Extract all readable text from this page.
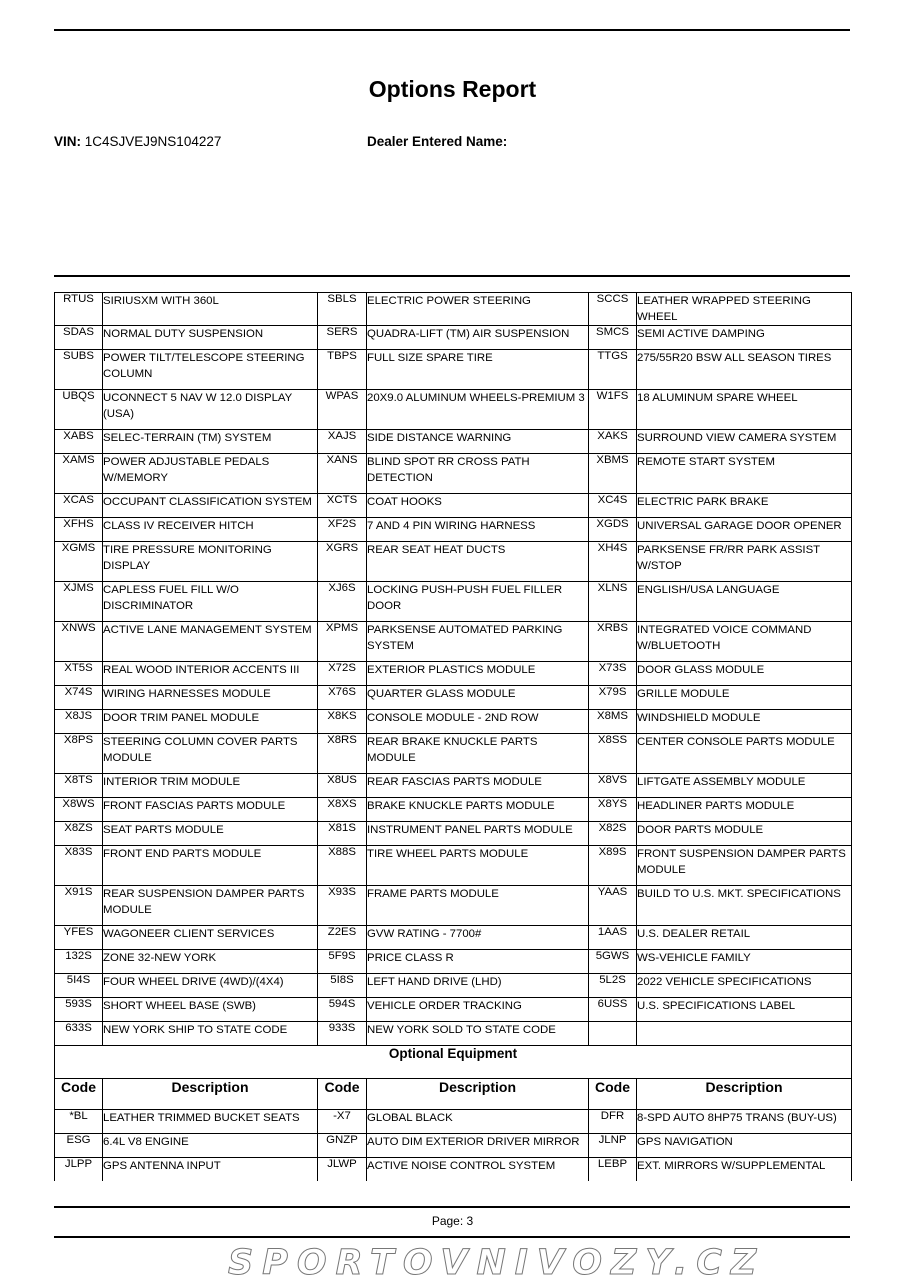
Options Report
VIN: 1C4SJVEJ9NS104227	Dealer Entered Name:
RTUS	SIRIUSXM WITH 360L	SBLS	ELECTRIC POWER STEERING	SCCS	LEATHER WRAPPED STEERING WHEEL
SDAS	NORMAL DUTY SUSPENSION	SERS	QUADRA-LIFT (TM) AIR SUSPENSION	SMCS	SEMI ACTIVE DAMPING
SUBS	POWER TILT/TELESCOPE STEERING COLUMN	TBPS	FULL SIZE SPARE TIRE	TTGS	275/55R20 BSW ALL SEASON TIRES
UBQS	UCONNECT 5 NAV W 12.0 DISPLAY (USA)	WPAS	20X9.0 ALUMINUM WHEELS-PREMIUM 3	W1FS	18 ALUMINUM SPARE WHEEL
XABS	SELEC-TERRAIN (TM) SYSTEM	XAJS	SIDE DISTANCE WARNING	XAKS	SURROUND VIEW CAMERA SYSTEM
XAMS	POWER ADJUSTABLE PEDALS W/MEMORY	XANS	BLIND SPOT RR CROSS PATH DETECTION	XBMS	REMOTE START SYSTEM
XCAS	OCCUPANT CLASSIFICATION SYSTEM	XCTS	COAT HOOKS	XC4S	ELECTRIC PARK BRAKE
XFHS	CLASS IV RECEIVER HITCH	XF2S	7 AND 4 PIN WIRING HARNESS	XGDS	UNIVERSAL GARAGE DOOR OPENER
XGMS	TIRE PRESSURE MONITORING DISPLAY	XGRS	REAR SEAT HEAT DUCTS	XH4S	PARKSENSE FR/RR PARK ASSIST W/STOP
XJMS	CAPLESS FUEL FILL W/O DISCRIMINATOR	XJ6S	LOCKING PUSH-PUSH FUEL FILLER DOOR	XLNS	ENGLISH/USA LANGUAGE
XNWS	ACTIVE LANE MANAGEMENT SYSTEM	XPMS	PARKSENSE AUTOMATED PARKING SYSTEM	XRBS	INTEGRATED VOICE COMMAND W/BLUETOOTH
XT5S	REAL WOOD INTERIOR ACCENTS III	X72S	EXTERIOR PLASTICS MODULE	X73S	DOOR GLASS MODULE
X74S	WIRING HARNESSES MODULE	X76S	QUARTER GLASS MODULE	X79S	GRILLE MODULE
X8JS	DOOR TRIM PANEL MODULE	X8KS	CONSOLE MODULE - 2ND ROW	X8MS	WINDSHIELD MODULE
X8PS	STEERING COLUMN COVER PARTS MODULE	X8RS	REAR BRAKE KNUCKLE PARTS MODULE	X8SS	CENTER CONSOLE PARTS MODULE
X8TS	INTERIOR TRIM MODULE	X8US	REAR FASCIAS PARTS MODULE	X8VS	LIFTGATE ASSEMBLY MODULE
X8WS	FRONT FASCIAS PARTS MODULE	X8XS	BRAKE KNUCKLE PARTS MODULE	X8YS	HEADLINER PARTS MODULE
X8ZS	SEAT PARTS MODULE	X81S	INSTRUMENT PANEL PARTS MODULE	X82S	DOOR PARTS MODULE
X83S	FRONT END PARTS MODULE	X88S	TIRE WHEEL PARTS MODULE	X89S	FRONT SUSPENSION DAMPER PARTS MODULE
X91S	REAR SUSPENSION DAMPER PARTS MODULE	X93S	FRAME PARTS MODULE	YAAS	BUILD TO U.S. MKT. SPECIFICATIONS
YFES	WAGONEER CLIENT SERVICES	Z2ES	GVW RATING - 7700#	1AAS	U.S. DEALER RETAIL
132S	ZONE 32-NEW YORK	5F9S	PRICE CLASS R	5GWS	WS-VEHICLE FAMILY
5I4S	FOUR WHEEL DRIVE (4WD)/(4X4)	5I8S	LEFT HAND DRIVE (LHD)	5L2S	2022 VEHICLE SPECIFICATIONS
593S	SHORT WHEEL BASE (SWB)	594S	VEHICLE ORDER TRACKING	6USS	U.S. SPECIFICATIONS LABEL
633S	NEW YORK SHIP TO STATE CODE	933S	NEW YORK SOLD TO STATE CODE		
Optional Equipment					
Code	Description	Code	Description	Code	Description
*BL	LEATHER TRIMMED BUCKET SEATS	-X7	GLOBAL BLACK	DFR	8-SPD AUTO 8HP75 TRANS (BUY-US)
ESG	6.4L V8 ENGINE	GNZP	AUTO DIM EXTERIOR DRIVER MIRROR	JLNP	GPS NAVIGATION
JLPP	GPS ANTENNA INPUT	JLWP	ACTIVE NOISE CONTROL SYSTEM	LEBP	EXT. MIRRORS W/SUPPLEMENTAL
Page: 3
SPORTOVNIVOZY.CZ
